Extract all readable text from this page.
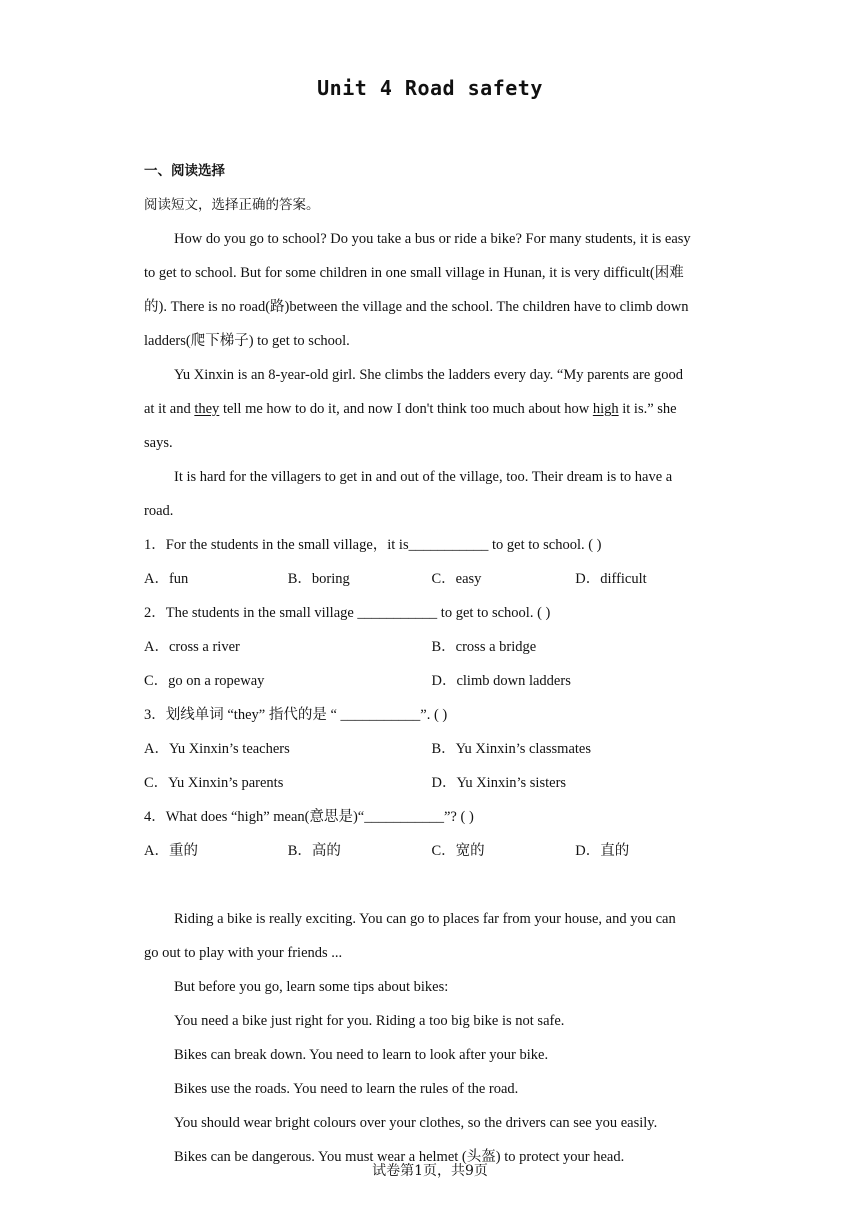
Unit 4 Road safety
一、阅读选择
阅读短文，选择正确的答案。
How do you go to school? Do you take a bus or ride a bike? For many students, it is easy
to get to school. But for some children in one small village in Hunan, it is very difficult(困难
的). There is no road(路)between the village and the school. The children have to climb down
ladders(爬下梯子) to get to school.
Yu Xinxin is an 8-year-old girl. She climbs the ladders every day. “My parents are good
at it and they tell me how to do it, and now I don't think too much about how high it is.” she
says.
It is hard for the villagers to get in and out of the village, too. Their dream is to have a
road.
1．For the students in the small village，it is___________ to get to school. ( )
A．fun	B．boring	C．easy	D．difficult
2．The students in the small village ___________ to get to school. ( )
A．cross a river	B．cross a bridge
C．go on a ropeway	D．climb down ladders
3．划线单词 “they” 指代的是 “ ___________”. ( )
A．Yu Xinxin’s teachers	B．Yu Xinxin’s classmates
C．Yu Xinxin’s parents	D．Yu Xinxin’s sisters
4．What does “high” mean(意思是)“___________”? ( )
A．重的	B．高的	C．宽的	D．直的
Riding a bike is really exciting. You can go to places far from your house, and you can
go out to play with your friends ...
But before you go, learn some tips about bikes:
You need a bike just right for you. Riding a too big bike is not safe.
Bikes can break down. You need to learn to look after your bike.
Bikes use the roads. You need to learn the rules of the road.
You should wear bright colours over your clothes, so the drivers can see you easily.
Bikes can be dangerous. You must wear a helmet (头盔) to protect your head.
试卷第1页，共9页
